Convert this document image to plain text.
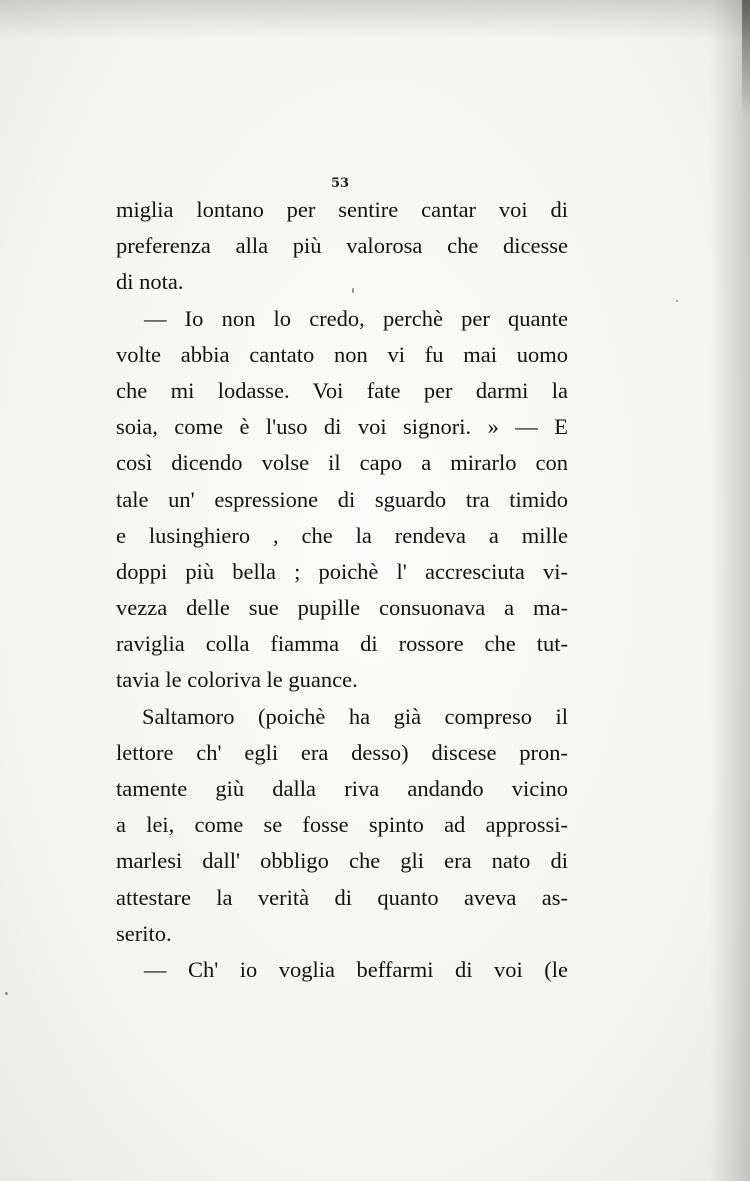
53
miglia lontano per sentire cantar voi di
preferenza alla più valorosa che dicesse
di nota.
— Io non lo credo, perchè per quante
volte abbia cantato non vi fu mai uomo
che mi lodasse. Voi fate per darmi la
soia, come è l'uso di voi signori. » — E
così dicendo volse il capo a mirarlo con
tale un' espressione di sguardo tra timido
e lusinghiero , che la rendeva a mille
doppi più bella ; poichè l' accresciuta vi-
vezza delle sue pupille consuonava a ma-
raviglia colla fiamma di rossore che tut-
tavia le coloriva le guance.
Saltamoro (poichè ha già compreso il
lettore ch' egli era desso) discese pron-
tamente giù dalla riva andando vicino
a lei, come se fosse spinto ad approssi-
marlesi dall' obbligo che gli era nato di
attestare la verità di quanto aveva as-
serito.
— Ch' io voglia beffarmi di voi (le
